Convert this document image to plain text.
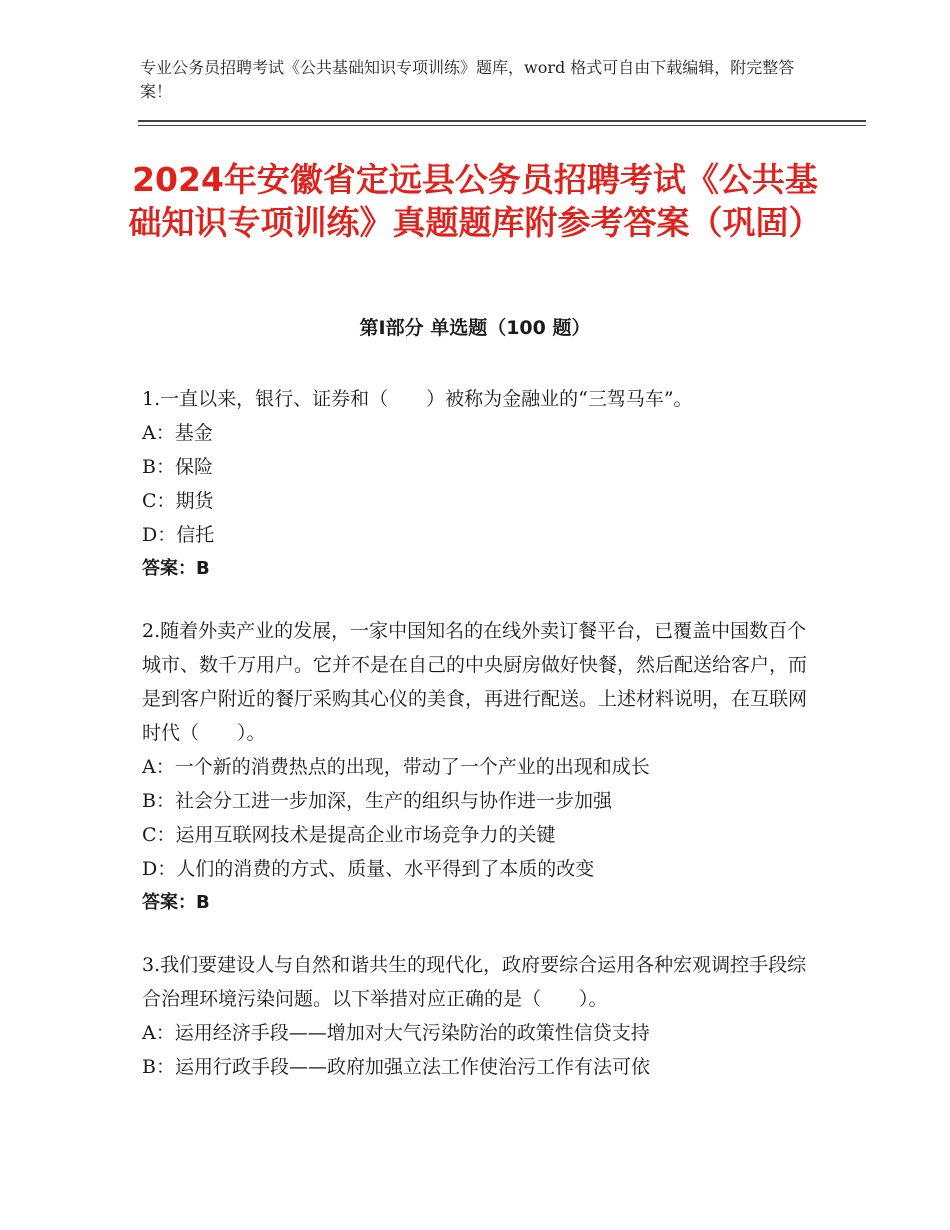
专业公务员招聘考试《公共基础知识专项训练》题库，word 格式可自由下载编辑，附完整答案！
2024年安徽省定远县公务员招聘考试《公共基础知识专项训练》真题题库附参考答案（巩固）
第Ⅰ部分 单选题（100 题）
1.一直以来，银行、证券和（　　）被称为金融业的“三驾马车”。
A：基金
B：保险
C：期货
D：信托
答案：B
2.随着外卖产业的发展，一家中国知名的在线外卖订餐平台，已覆盖中国数百个城市、数千万用户。它并不是在自己的中央厨房做好快餐，然后配送给客户，而是到客户附近的餐厅采购其心仪的美食，再进行配送。上述材料说明，在互联网时代（　　）。
A：一个新的消费热点的出现，带动了一个产业的出现和成长
B：社会分工进一步加深，生产的组织与协作进一步加强
C：运用互联网技术是提高企业市场竞争力的关键
D：人们的消费的方式、质量、水平得到了本质的改变
答案：B
3.我们要建设人与自然和谐共生的现代化，政府要综合运用各种宏观调控手段综合治理环境污染问题。以下举措对应正确的是（　　）。
A：运用经济手段——增加对大气污染防治的政策性信贷支持
B：运用行政手段——政府加强立法工作使治污工作有法可依
